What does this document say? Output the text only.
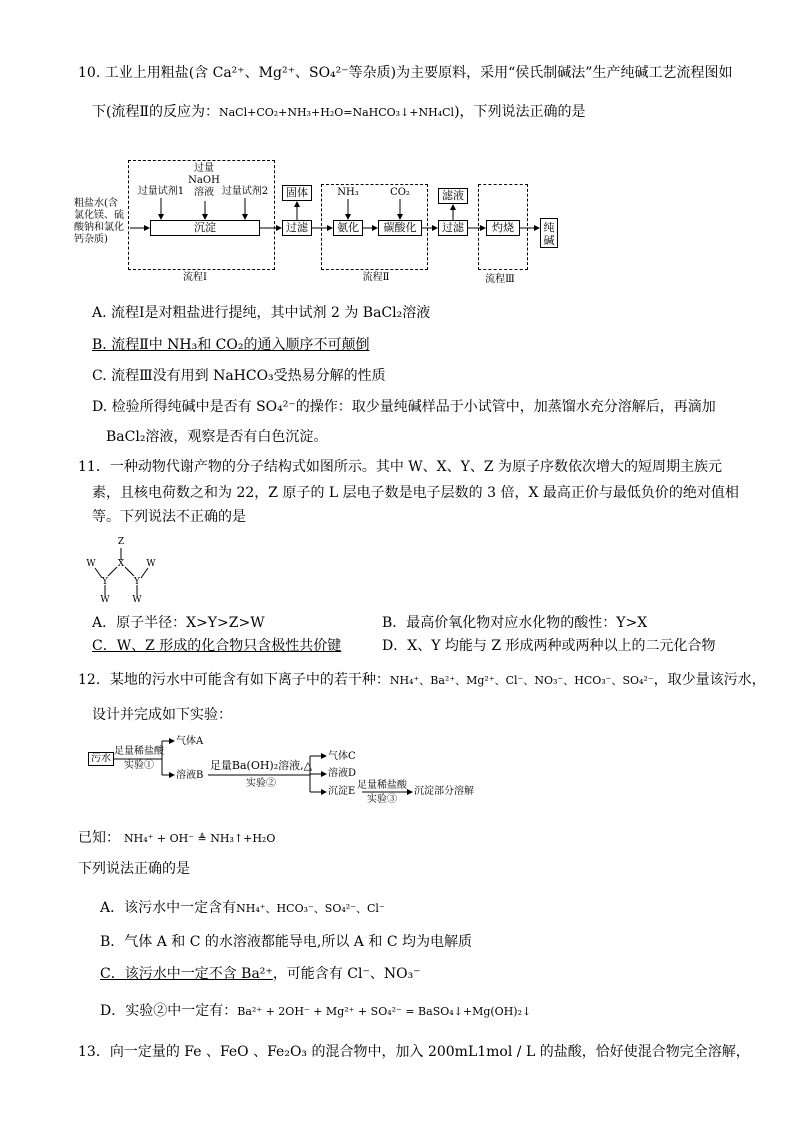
10. 工业上用粗盐(含 Ca²⁺、Mg²⁺、SO₄²⁻等杂质)为主要原料，采用“侯氏制碱法”生产纯碱工艺流程图如
下(流程Ⅱ的反应为：NaCl+CO₂+NH₃+H₂O=NaHCO₃↓+NH₄Cl)，下列说法正确的是
粗盐水(含
氯化镁、硫
酸钠和氯化
钙杂质)
过量试剂1
过量
NaOH
溶液 过量试剂2
沉淀
流程Ⅰ
固体
过滤
NH₃	CO₂
氨化	碳酸化
流程Ⅱ
滤液
过滤	灼烧
流程Ⅲ
纯
碱
A. 流程Ⅰ是对粗盐进行提纯，其中试剂 2 为 BaCl₂溶液
B. 流程Ⅱ中 NH₃和 CO₂的通入顺序不可颠倒
C. 流程Ⅲ没有用到 NaHCO₃受热易分解的性质
D. 检验所得纯碱中是否有 SO₄²⁻的操作：取少量纯碱样品于小试管中，加蒸馏水充分溶解后，再滴加
BaCl₂溶液，观察是否有白色沉淀。
11．一种动物代谢产物的分子结构式如图所示。其中 W、X、Y、Z 为原子序数依次增大的短周期主族元
素，且核电荷数之和为 22，Z 原子的 L 层电子数是电子层数的 3 倍，X 最高正价与最低负价的绝对值相
等。下列说法不正确的是
Z
X
Y	Y
W	W
W	W
A．原子半径：X>Y>Z>W	B．最高价氧化物对应水化物的酸性：Y>X
C．W、Z 形成的化合物只含极性共价键	D．X、Y 均能与 Z 形成两种或两种以上的二元化合物
12．某地的污水中可能含有如下离子中的若干种：NH₄⁺、Ba²⁺、Mg²⁺、Cl⁻、NO₃⁻、HCO₃⁻、SO₄²⁻，取少量该污水，
设计并完成如下实验：
污水
足量稀盐酸
实验①
气体A
溶液B
足量Ba(OH)₂溶液,△
实验②
气体C
溶液D
沉淀E
足量稀盐酸
实验③
沉淀部分溶解
已知： NH₄⁺ + OH⁻ ≜ NH₃↑+H₂O
下列说法正确的是
A．该污水中一定含有NH₄⁺、HCO₃⁻、SO₄²⁻、Cl⁻
B．气体 A 和 C 的水溶液都能导电,所以 A 和 C 均为电解质
C．该污水中一定不含 Ba²⁺，可能含有 Cl⁻、NO₃⁻
D．实验②中一定有：Ba²⁺ + 2OH⁻ + Mg²⁺ + SO₄²⁻ = BaSO₄↓+Mg(OH)₂↓
13．向一定量的 Fe 、FeO 、Fe₂O₃ 的混合物中，加入 200mL1mol / L 的盐酸，恰好使混合物完全溶解，
